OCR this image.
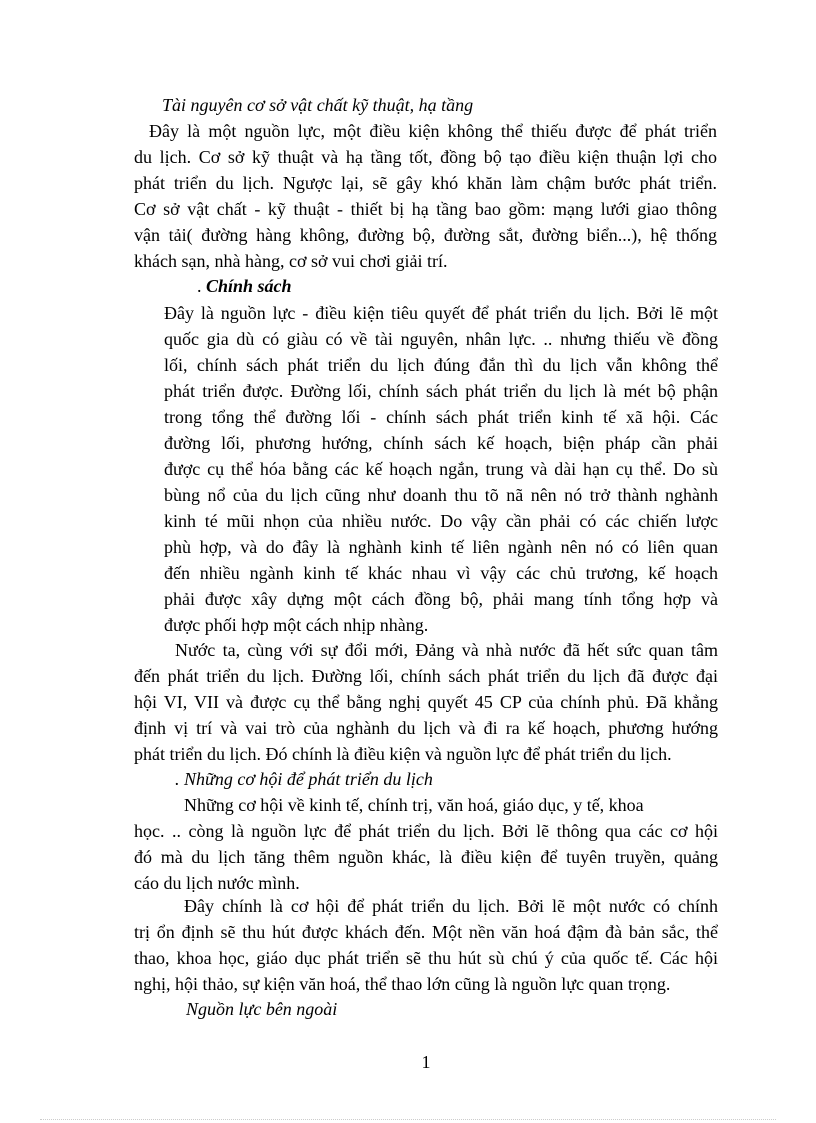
Tài nguyên cơ sở vật chất kỹ thuật, hạ tầng
Đây là một nguồn lực, một điều kiện không thể thiếu được để phát triển
du lịch. Cơ sở kỹ thuật và hạ tầng tốt, đồng bộ tạo điều kiện thuận lợi cho
phát triển du lịch. Ngược lại, sẽ gây khó khăn làm chậm bước phát triển.
Cơ sở vật chất - kỹ thuật - thiết bị hạ tầng bao gồm: mạng lưới giao thông
vận tải( đường hàng không, đường bộ, đường sắt, đường biển...), hệ thống
khách sạn, nhà hàng, cơ sở vui chơi giải trí.
. Chính sách
Đây là nguồn lực - điều kiện tiêu quyết để phát triển du lịch. Bởi lẽ một
quốc gia dù có giàu có về tài nguyên, nhân lực. .. nhưng thiếu về đồng
lối, chính sách phát triển du lịch đúng đắn thì du lịch vẫn không thể
phát triển được. Đường lối, chính sách phát triển du lịch là mét bộ phận
trong tổng thể đường lối - chính sách phát triển kinh tế xã hội. Các
đường lối, phương hướng, chính sách kế hoạch, biện pháp cần phải
được cụ thể hóa bằng các kế hoạch ngắn, trung và dài hạn cụ thể. Do sù
bùng nổ của du lịch cũng như doanh thu tõ nã nên nó trở thành nghành
kinh té mũi nhọn của nhiều nước. Do vậy cần phải có các chiến lược
phù hợp, và do đây là nghành kinh tế liên ngành nên nó có liên quan
đến nhiều ngành kinh tế khác nhau vì vậy các chủ trương, kế hoạch
phải được xây dựng một cách đồng bộ, phải mang tính tổng hợp và
được phối hợp một cách nhịp nhàng.
Nước ta, cùng với sự đổi mới, Đảng và nhà nước đã hết sức quan tâm
đến phát triển du lịch. Đường lối, chính sách phát triển du lịch đã được đại
hội VI, VII và được cụ thể bằng nghị quyết 45 CP của chính phủ. Đã khẳng
định vị trí và vai trò của nghành du lịch và đi ra kế hoạch, phương hướng
phát triển du lịch. Đó chính là điều kiện và nguồn lực để phát triển du lịch.
. Những cơ hội để phát triển du lịch
Những cơ hội về kinh tế, chính trị, văn hoá, giáo dục, y tế, khoa
học. .. còng là nguồn lực để phát triển du lịch. Bởi lẽ thông qua các cơ hội
đó mà du lịch tăng thêm nguồn khác, là điều kiện để tuyên truyền, quảng
cáo du lịch nước mình.
Đây chính là cơ hội để phát triển du lịch. Bởi lẽ một nước có chính
trị ổn định sẽ thu hút được khách đến. Một nền văn hoá đậm đà bản sắc, thể
thao, khoa học, giáo dục phát triển sẽ thu hút sù chú ý của quốc tế. Các hội
nghị, hội thảo, sự kiện văn hoá, thể thao lớn cũng là nguồn lực quan trọng.
Nguồn lực bên ngoài
1
